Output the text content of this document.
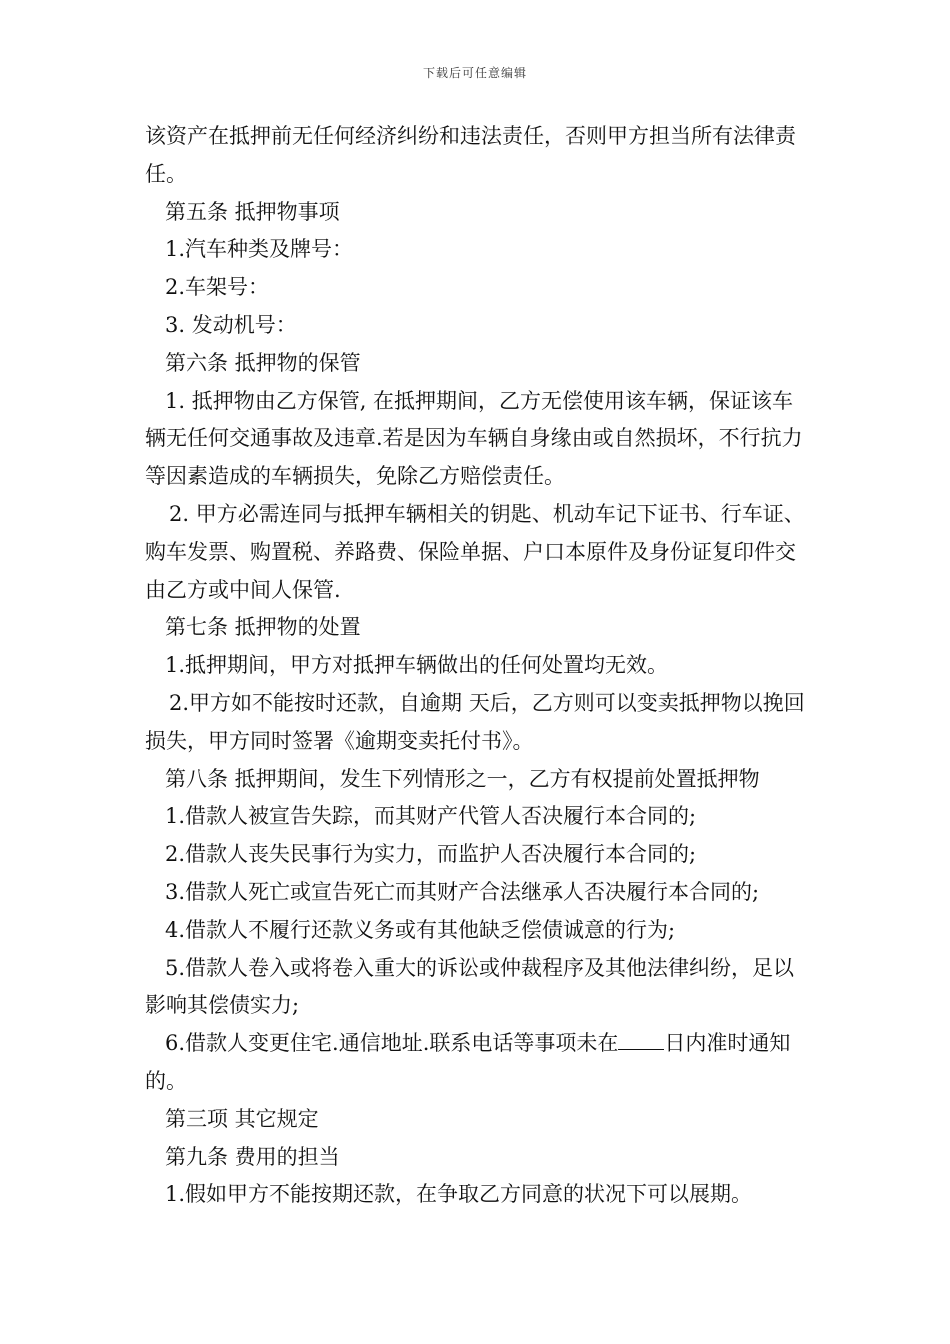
下载后可任意编辑

该资产在抵押前无任何经济纠纷和违法责任，否则甲方担当所有法律责任。

第五条 抵押物事项

1.汽车种类及牌号：

2.车架号：

3. 发动机号：

第六条 抵押物的保管

1. 抵押物由乙方保管, 在抵押期间，乙方无偿使用该车辆，保证该车辆无任何交通事故及违章.若是因为车辆自身缘由或自然损坏，不行抗力等因素造成的车辆损失，免除乙方赔偿责任。

2. 甲方必需连同与抵押车辆相关的钥匙、机动车记下证书、行车证、购车发票、购置税、养路费、保险单据、户口本原件及身份证复印件交由乙方或中间人保管.

第七条 抵押物的处置

1.抵押期间，甲方对抵押车辆做出的任何处置均无效。

2.甲方如不能按时还款，自逾期 天后，乙方则可以变卖抵押物以挽回损失，甲方同时签署《逾期变卖托付书》。

第八条 抵押期间，发生下列情形之一，乙方有权提前处置抵押物

1.借款人被宣告失踪，而其财产代管人否决履行本合同的;

2.借款人丧失民事行为实力，而监护人否决履行本合同的;

3.借款人死亡或宣告死亡而其财产合法继承人否决履行本合同的;

4.借款人不履行还款义务或有其他缺乏偿债诚意的行为;

5.借款人卷入或将卷入重大的诉讼或仲裁程序及其他法律纠纷，足以影响其偿债实力;

6.借款人变更住宅.通信地址.联系电话等事项未在 日内准时通知的。

第三项 其它规定

第九条 费用的担当

1.假如甲方不能按期还款，在争取乙方同意的状况下可以展期。
